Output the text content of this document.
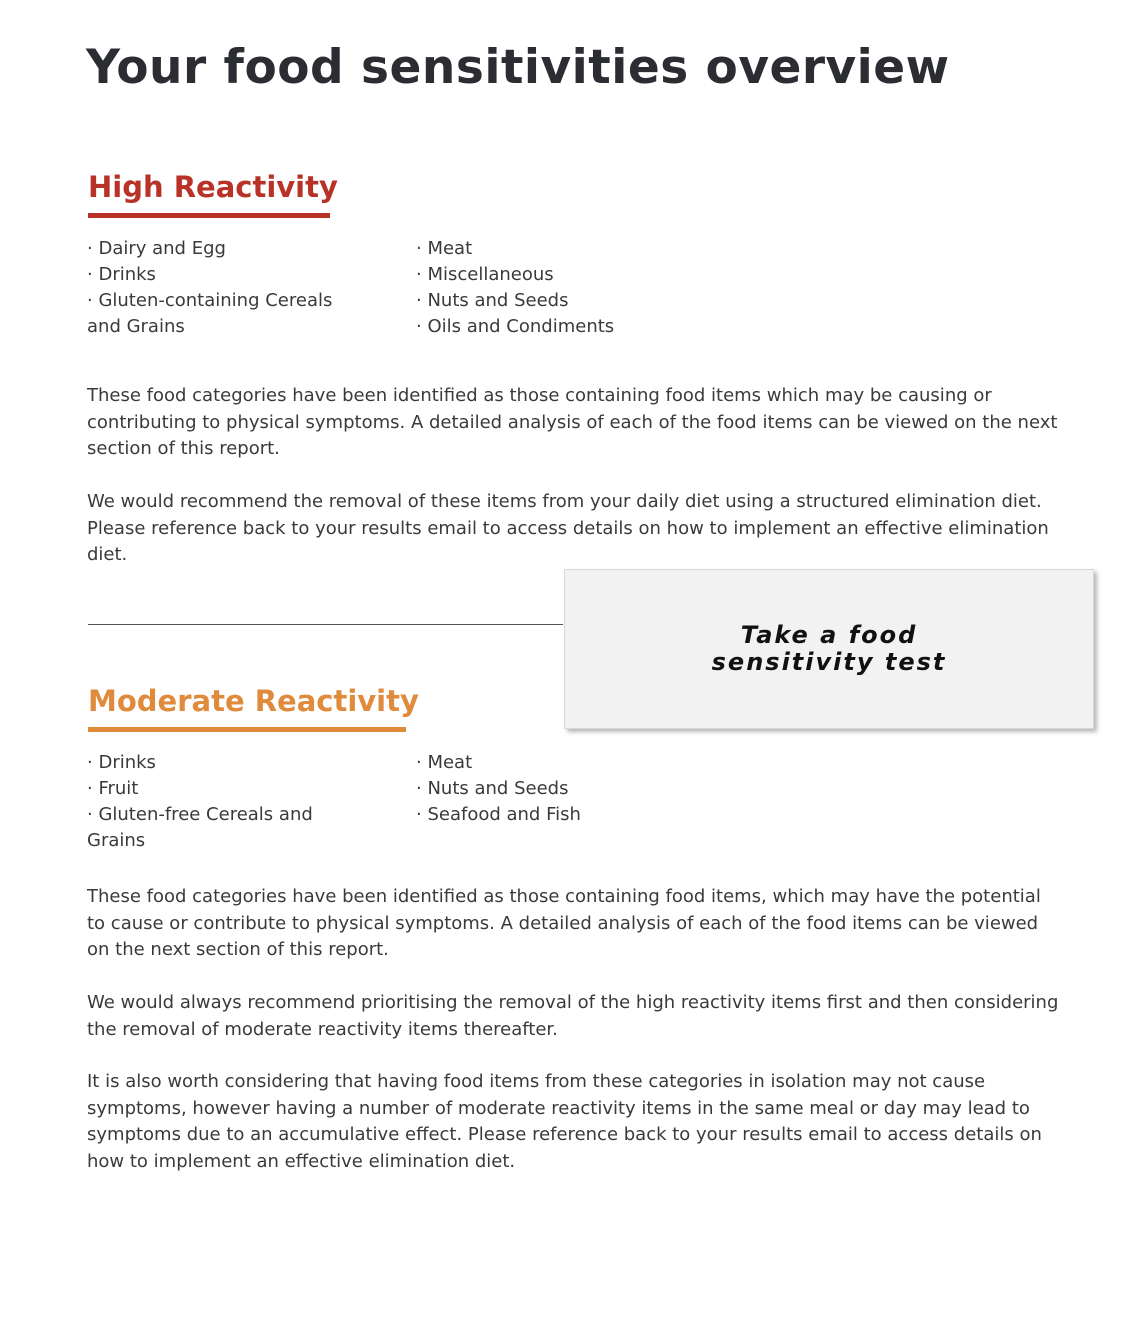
Your food sensitivities overview
High Reactivity
· Dairy and Egg
· Drinks
· Gluten-containing Cereals and Grains
· Meat
· Miscellaneous
· Nuts and Seeds
· Oils and Condiments

These food categories have been identified as those containing food items which may be causing or contributing to physical symptoms. A detailed analysis of each of the food items can be viewed on the next section of this report.

We would recommend the removal of these items from your daily diet using a structured elimination diet. Please reference back to your results email to access details on how to implement an effective elimination diet.

Take a food sensitivity test
Moderate Reactivity
· Drinks
· Fruit
· Gluten-free Cereals and Grains
· Meat
· Nuts and Seeds
· Seafood and Fish

These food categories have been identified as those containing food items, which may have the potential to cause or contribute to physical symptoms. A detailed analysis of each of the food items can be viewed on the next section of this report.

We would always recommend prioritising the removal of the high reactivity items first and then considering the removal of moderate reactivity items thereafter.

It is also worth considering that having food items from these categories in isolation may not cause symptoms, however having a number of moderate reactivity items in the same meal or day may lead to symptoms due to an accumulative effect. Please reference back to your results email to access details on how to implement an effective elimination diet.
